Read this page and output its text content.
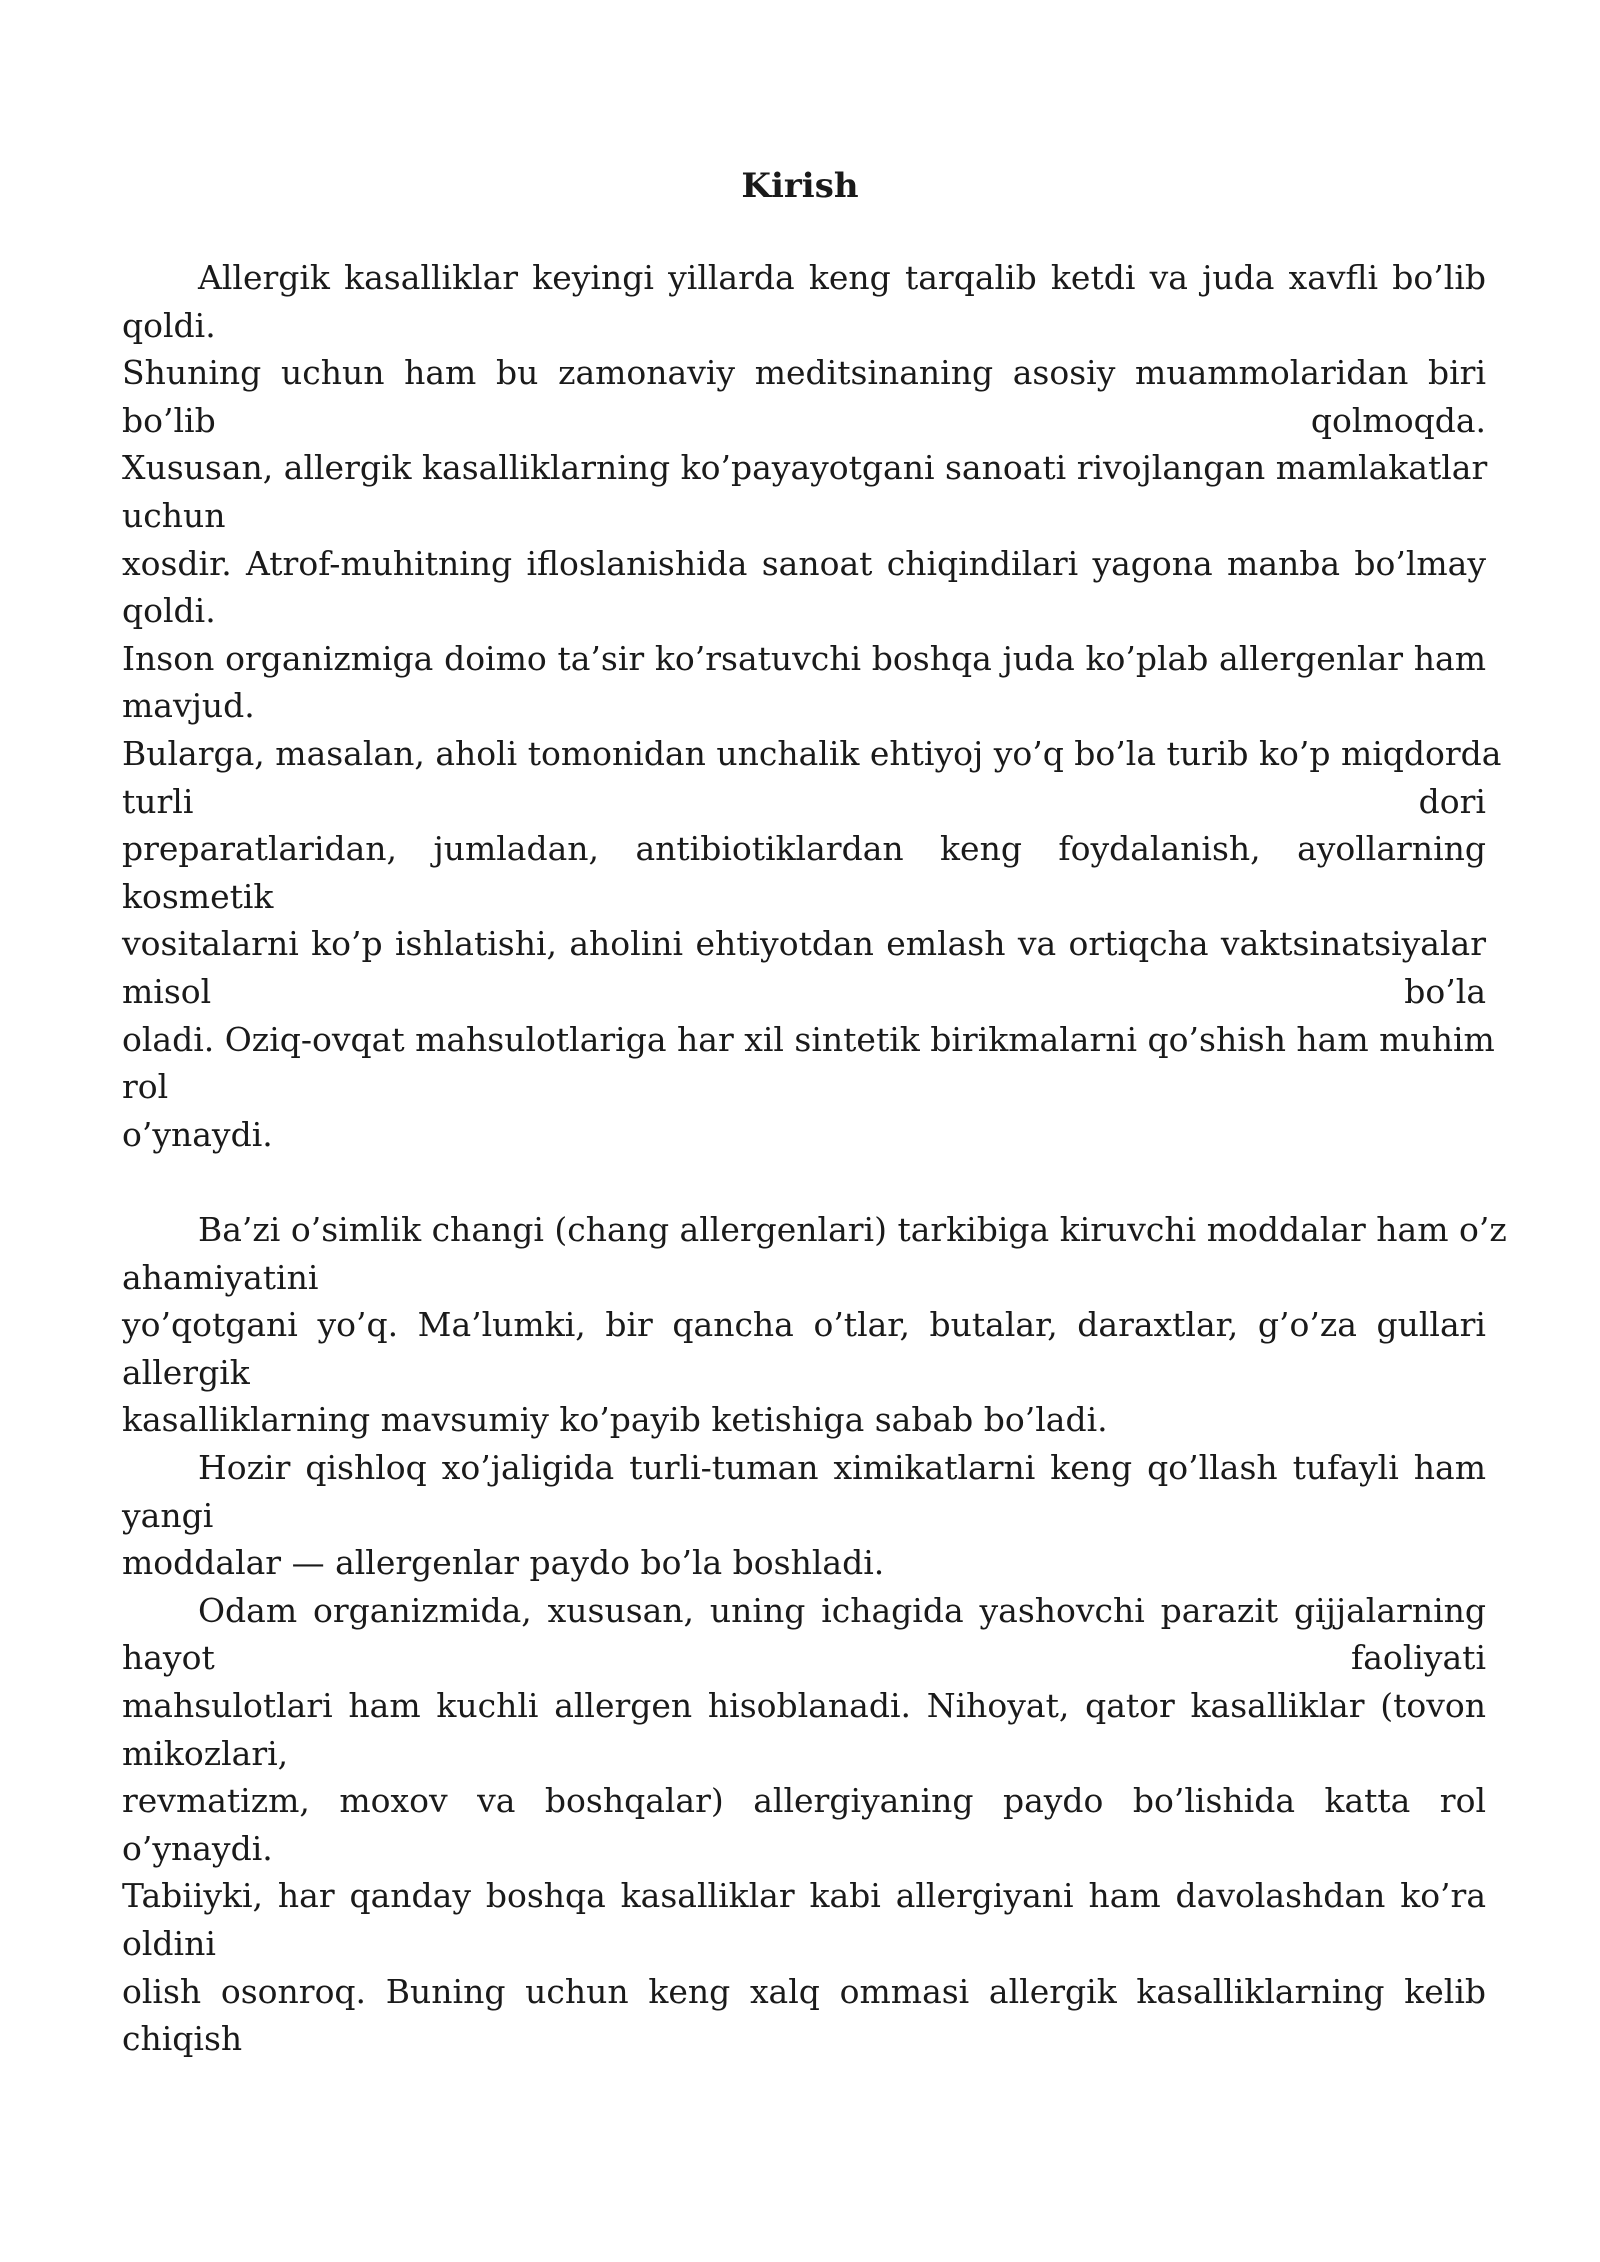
Kirish
Allergik kasalliklar keyingi yillarda keng tarqalib ketdi va juda xavfli bo’lib
qoldi.
Shuning uchun ham bu zamonaviy meditsinaning asosiy muammolaridan biri
bo’lib qolmoqda.
Xususan, allergik kasalliklarning ko’payayotgani sanoati rivojlangan mamlakatlar
uchun
xosdir. Atrof-muhitning ifloslanishida sanoat chiqindilari yagona manba bo’lmay
qoldi.
Inson organizmiga doimo ta’sir ko’rsatuvchi boshqa juda ko’plab allergenlar ham
mavjud.
Bularga, masalan, aholi tomonidan unchalik ehtiyoj yo’q bo’la turib ko’p miqdorda
turli dori
preparatlaridan, jumladan, antibiotiklardan keng foydalanish, ayollarning
kosmetik
vositalarni ko’p ishlatishi, aholini ehtiyotdan emlash va ortiqcha vaktsinatsiyalar
misol bo’la
oladi. Oziq-ovqat mahsulotlariga har xil sintetik birikmalarni qo’shish ham muhim
rol
o’ynaydi.
Ba’zi o’simlik changi (chang allergenlari) tarkibiga kiruvchi moddalar ham o’z
ahamiyatini
yo’qotgani yo’q. Ma’lumki, bir qancha o’tlar, butalar, daraxtlar, g’o’za gullari
allergik
kasalliklarning mavsumiy ko’payib ketishiga sabab bo’ladi.
Hozir qishloq xo’jaligida turli-tuman ximikatlarni keng qo’llash tufayli ham
yangi
moddalar — allergenlar paydo bo’la boshladi.
Odam organizmida, xususan, uning ichagida yashovchi parazit gijjalarning
hayot faoliyati
mahsulotlari ham kuchli allergen hisoblanadi. Nihoyat, qator kasalliklar (tovon
mikozlari,
revmatizm, moxov va boshqalar) allergiyaning paydo bo’lishida katta rol
o’ynaydi.
Tabiiyki, har qanday boshqa kasalliklar kabi allergiyani ham davolashdan ko’ra
oldini
olish osonroq. Buning uchun keng xalq ommasi allergik kasalliklarning kelib
chiqish
